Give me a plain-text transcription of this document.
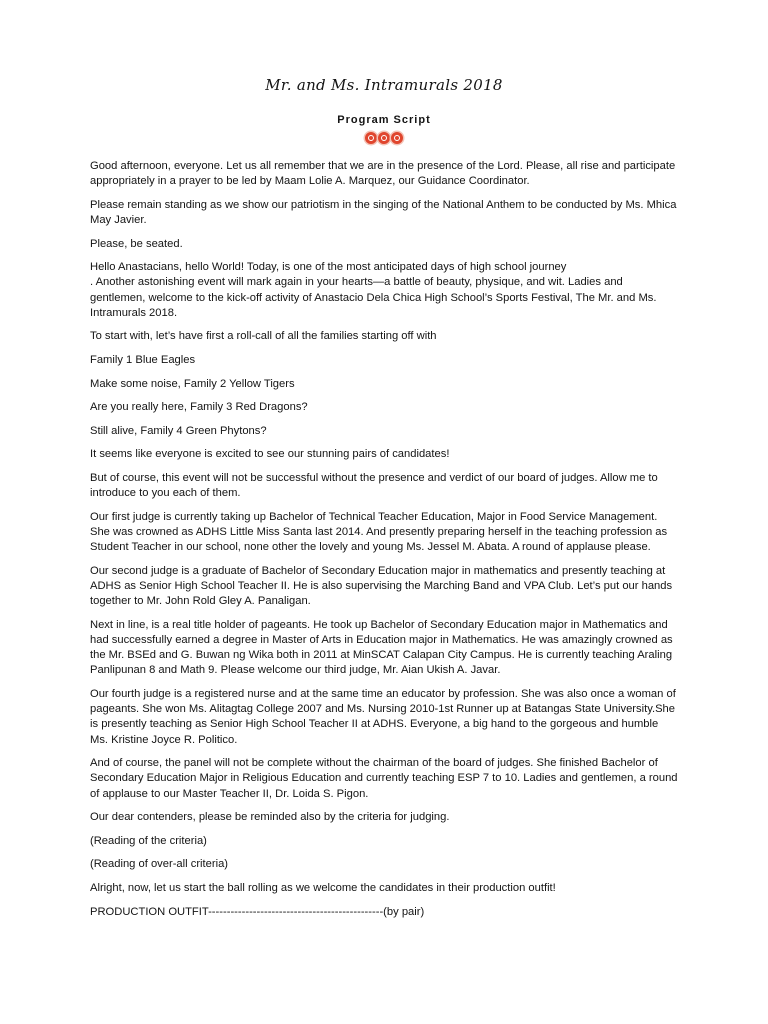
Mr. and Ms. Intramurals 2018
Program Script

Good afternoon, everyone. Let us all remember that we are in the presence of the Lord. Please, all rise and participate appropriately in a prayer to be led by Maam Lolie A. Marquez, our Guidance Coordinator.

Please remain standing as we show our patriotism in the singing of the National Anthem to be conducted by Ms. Mhica May Javier.

Please, be seated.

Hello Anastacians, hello World! Today, is one of the most anticipated days of high school journey
. Another astonishing event will mark again in your hearts—a battle of beauty, physique, and wit. Ladies and gentlemen, welcome to the kick-off activity of Anastacio Dela Chica High School’s Sports Festival, The Mr. and Ms. Intramurals 2018.

To start with, let’s have first a roll-call of all the families starting off with

Family 1 Blue Eagles

Make some noise, Family 2 Yellow Tigers

Are you really here, Family 3 Red Dragons?

Still alive, Family 4 Green Phytons?

It seems like everyone is excited to see our stunning pairs of candidates!

But of course, this event will not be successful without the presence and verdict of our board of judges. Allow me to introduce to you each of them.

Our first judge is currently taking up Bachelor of Technical Teacher Education, Major in Food Service Management. She was crowned as ADHS Little Miss Santa last 2014. And presently preparing herself in the teaching profession as Student Teacher in our school, none other the lovely and young Ms. Jessel M. Abata. A round of applause please.

Our second judge is a graduate of Bachelor of Secondary Education major in mathematics and presently teaching at ADHS as Senior High School Teacher II. He is also supervising the Marching Band and VPA Club. Let’s put our hands together to Mr. John Rold Gley A. Panaligan.

Next in line, is a real title holder of pageants. He took up Bachelor of Secondary Education major in Mathematics and had successfully earned a degree in Master of Arts in Education major in Mathematics. He was amazingly crowned as the Mr. BSEd and G. Buwan ng Wika both in 2011 at MinSCAT Calapan City Campus. He is currently teaching Araling Panlipunan 8 and Math 9. Please welcome our third judge, Mr. Aian Ukish A. Javar.

Our fourth judge is a registered nurse and at the same time an educator by profession. She was also once a woman of pageants. She won Ms. Alitagtag College 2007 and Ms. Nursing 2010-1st Runner up at Batangas State University.She is presently teaching as Senior High School Teacher II at ADHS. Everyone, a big hand to the gorgeous and humble Ms. Kristine Joyce R. Politico.

And of course, the panel will not be complete without the chairman of the board of judges. She finished Bachelor of Secondary Education Major in Religious Education and currently teaching ESP 7 to 10. Ladies and gentlemen, a round of applause to our Master Teacher II, Dr. Loida S. Pigon.

Our dear contenders, please be reminded also by the criteria for judging.

(Reading of the criteria)

(Reading of over-all criteria)

Alright, now, let us start the ball rolling as we welcome the candidates in their production outfit!

PRODUCTION OUTFIT-----------------------------------------------(by pair)
